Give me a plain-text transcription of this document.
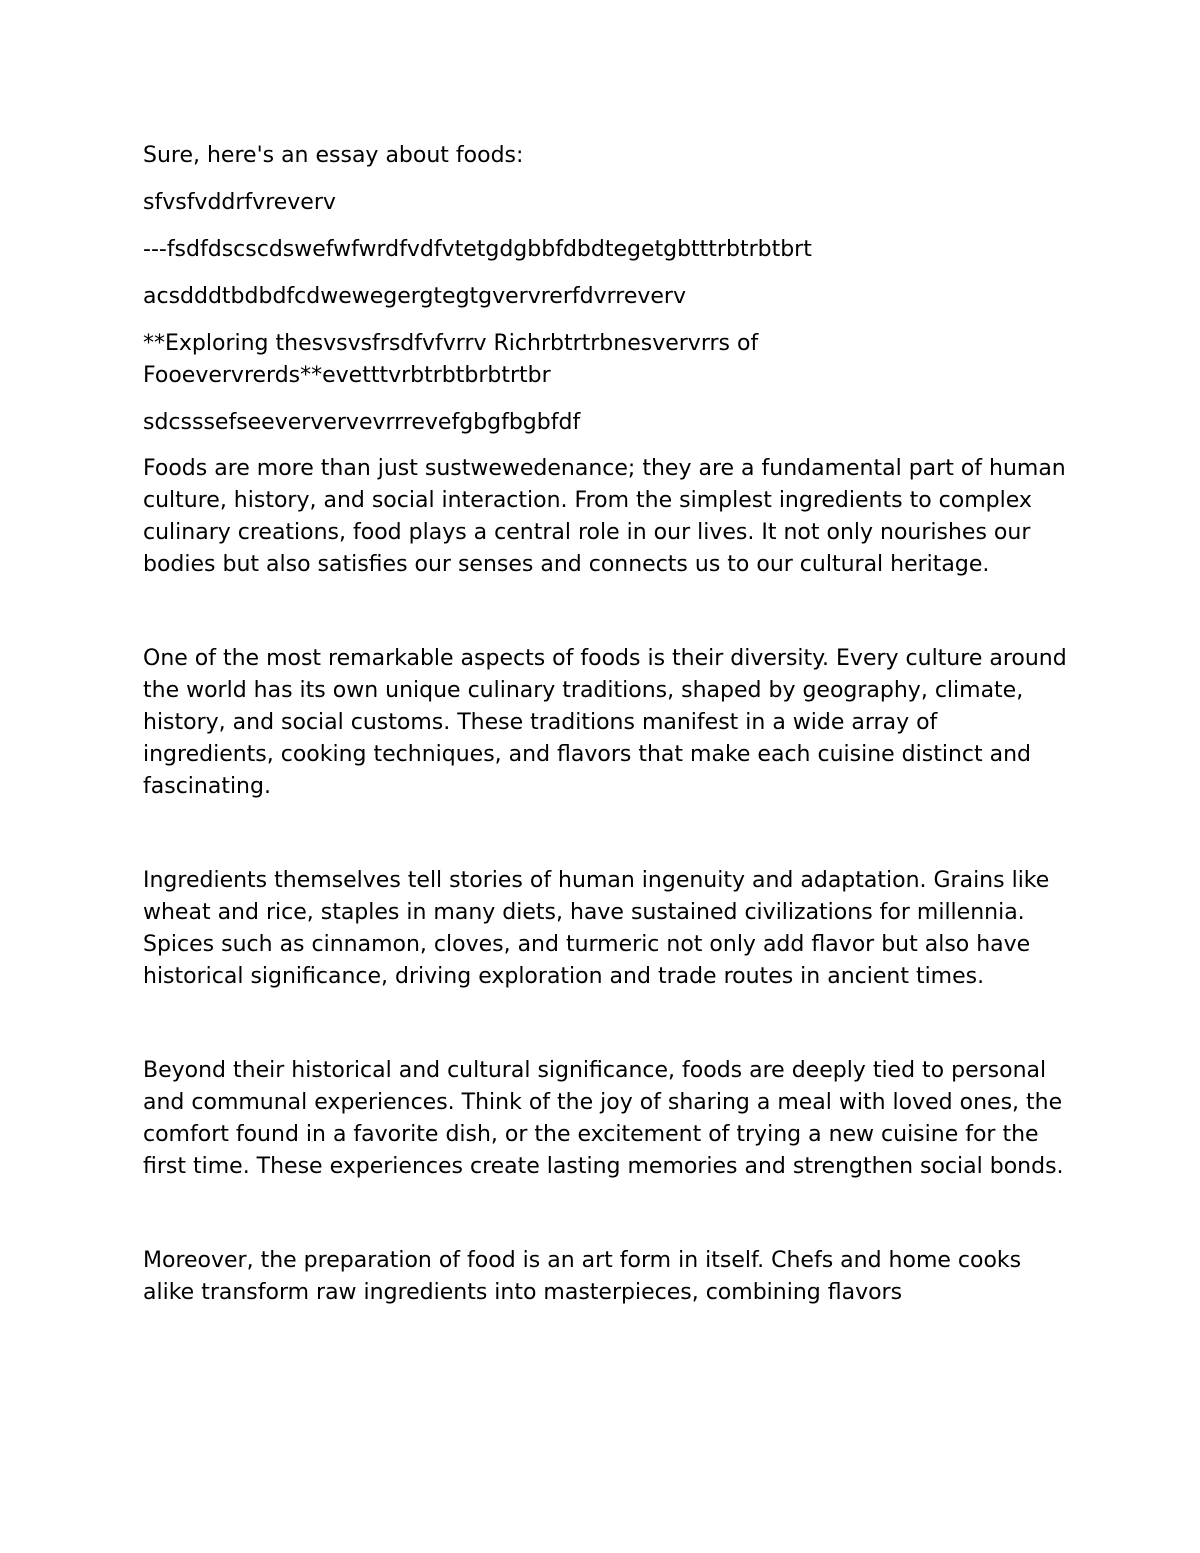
Sure, here's an essay about foods:

sfvsfvddrfvreverv

---fsdfdscscdswefwfwrdfvdfvtetgdgbbfdbdtegetgbtttrbtrbtbrt

acsdddtbdbdfcdwewegergtegtgvervrerfdvrreverv

**Exploring thesvsvsfrsdfvfvrrv Richrbtrtrbnesvervrrs of Fooevervrerds**evetttvrbtrbtbrbtrtbr

sdcsssefseeververvevrrrevefgbgfbgbfdf

Foods are more than just sustwewedenance; they are a fundamental part of human culture, history, and social interaction. From the simplest ingredients to complex culinary creations, food plays a central role in our lives. It not only nourishes our bodies but also satisfies our senses and connects us to our cultural heritage.

One of the most remarkable aspects of foods is their diversity. Every culture around the world has its own unique culinary traditions, shaped by geography, climate, history, and social customs. These traditions manifest in a wide array of ingredients, cooking techniques, and flavors that make each cuisine distinct and fascinating.

Ingredients themselves tell stories of human ingenuity and adaptation. Grains like wheat and rice, staples in many diets, have sustained civilizations for millennia. Spices such as cinnamon, cloves, and turmeric not only add flavor but also have historical significance, driving exploration and trade routes in ancient times.

Beyond their historical and cultural significance, foods are deeply tied to personal and communal experiences. Think of the joy of sharing a meal with loved ones, the comfort found in a favorite dish, or the excitement of trying a new cuisine for the first time. These experiences create lasting memories and strengthen social bonds.

Moreover, the preparation of food is an art form in itself. Chefs and home cooks alike transform raw ingredients into masterpieces, combining flavors
